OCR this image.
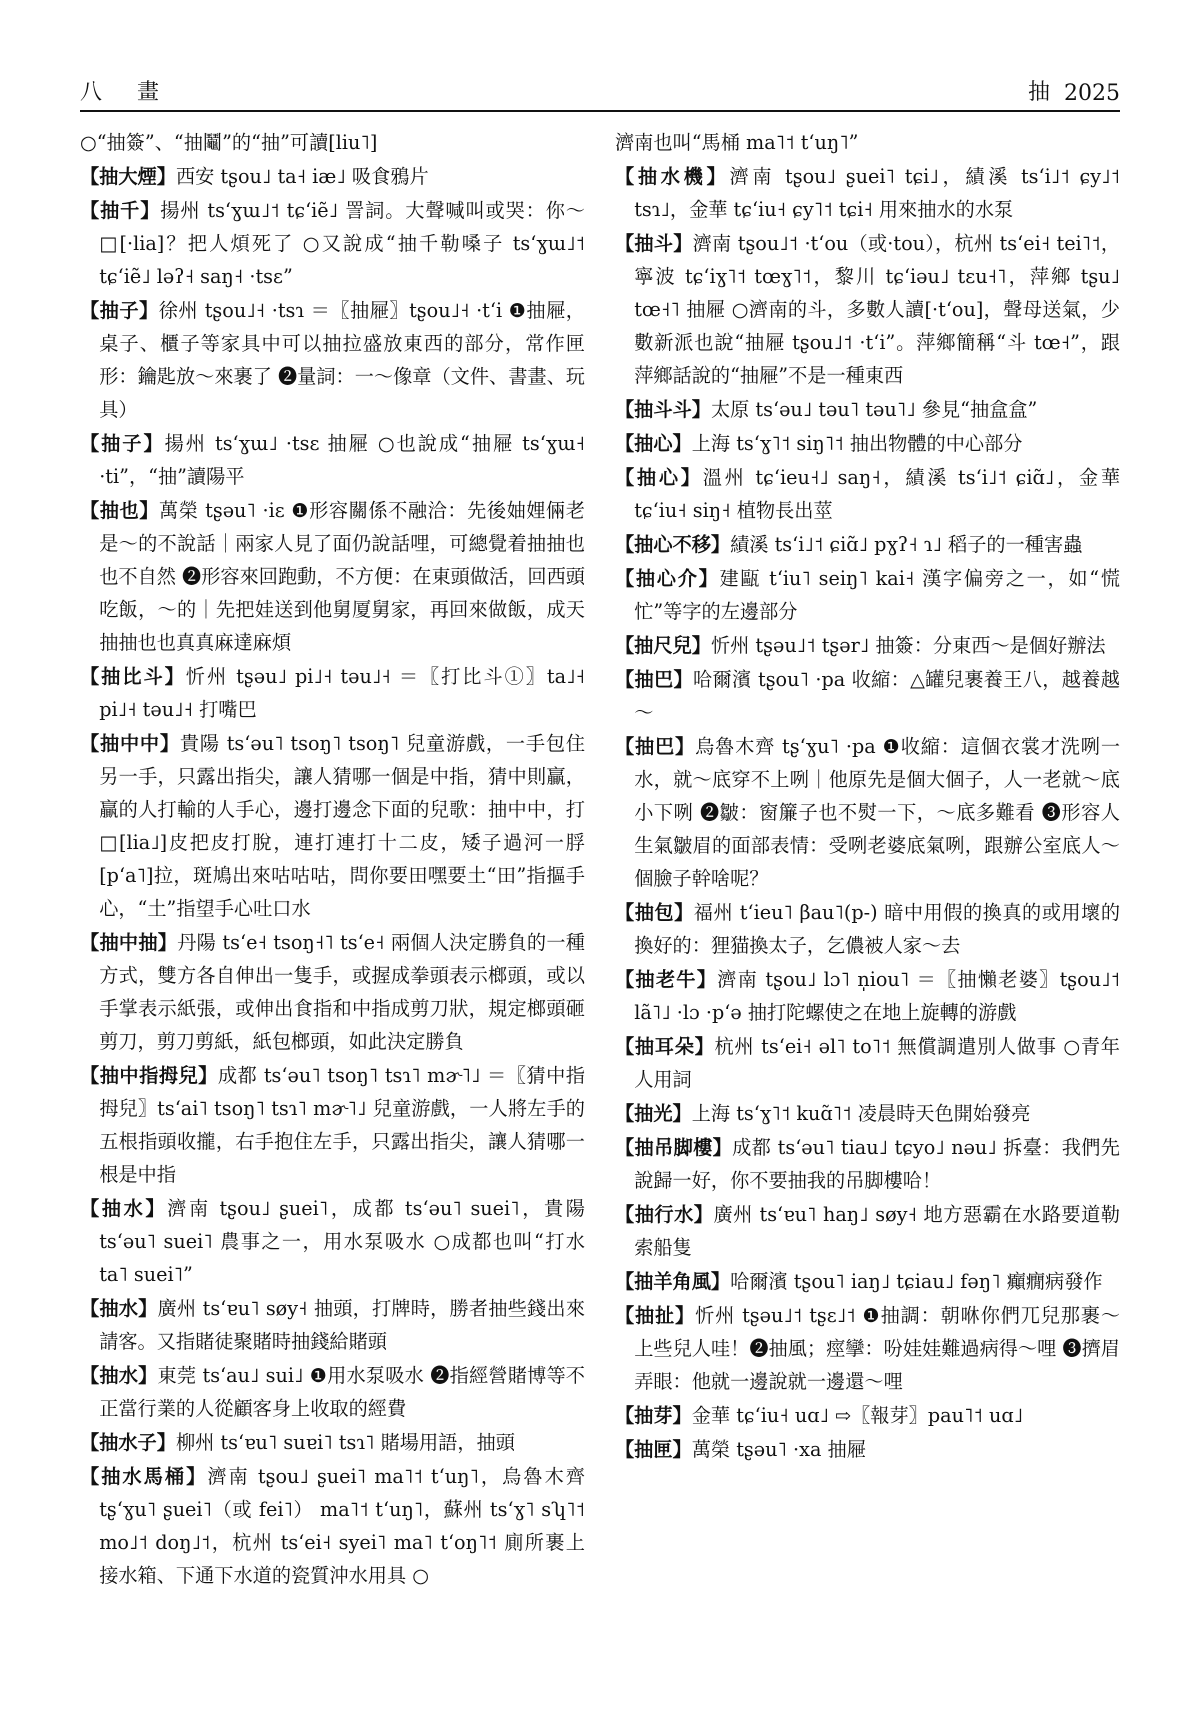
八 畫	抽 2025

○“抽簽”、“抽鬮”的“抽”可讀[liu˥]

【抽大煙】西安 tʂou˩ ta˧ iæ˩ 吸食鴉片

【抽千】揚州 tsʻɣɯ˩˦ tɕʻiẽ˩ 詈詞。大聲喊叫或哭：你～□[·lia]？把人煩死了 ○又說成“抽千勒嗓子 tsʻɣɯ˩˦ tɕʻiẽ˩ ləʔ˧ saŋ˧ ·tsɛ”

【抽子】徐州 tʂou˩˧ ·tsɿ ＝〖抽屜〗tʂou˩˧ ·tʻi ❶抽屜，桌子、櫃子等家具中可以抽拉盛放東西的部分，常作匣形：鑰匙放～來裹了 ❷量詞：一～像章（文件、書畫、玩具）

【抽子】揚州 tsʻɣɯ˩ ·tsɛ 抽屜 ○也說成“抽屜 tsʻɣɯ˧ ·ti”，“抽”讀陽平

【抽也】萬榮 tʂəu˥ ·iɛ ❶形容關係不融洽：先後妯娌倆老是～的不說話｜兩家人見了面仍說話哩，可總覺着抽抽也也不自然 ❷形容來回跑動，不方便：在東頭做活，回西頭吃飯，～的｜先把娃送到他舅厦舅家，再回來做飯，成天抽抽也也真真麻達麻煩

【抽比斗】忻州 tʂəu˩ pi˩˧ təu˩˧ ＝〖打比斗①〗ta˩˧ pi˩˧ təu˩˧ 打嘴巴

【抽中中】貴陽 tsʻəu˥ tsoŋ˥ tsoŋ˥ 兒童游戲，一手包住另一手，只露出指尖，讓人猜哪一個是中指，猜中則贏，贏的人打輸的人手心，邊打邊念下面的兒歌：抽中中，打□[lia˩]皮把皮打脫，連打連打十二皮，矮子過河一脬[pʻa˥]拉，斑鳩出來咕咕咕，問你要田嘿要土“田”指摳手心，“土”指望手心吐口水

【抽中抽】丹陽 tsʻe˧ tsoŋ˧˥ tsʻe˧ 兩個人決定勝負的一種方式，雙方各自伸出一隻手，或握成拳頭表示榔頭，或以手掌表示紙張，或伸出食指和中指成剪刀狀，規定榔頭砸剪刀，剪刀剪紙，紙包榔頭，如此決定勝負

【抽中指拇兒】成都 tsʻəu˥ tsoŋ˥ tsɿ˥ mɚ˥˩ ＝〖猜中指拇兒〗tsʻai˥ tsoŋ˥ tsɿ˥ mɚ˥˩ 兒童游戲，一人將左手的五根指頭收攏，右手抱住左手，只露出指尖，讓人猜哪一根是中指

【抽水】濟南 tʂou˩ ʂuei˥，成都 tsʻəu˥ suei˥，貴陽 tsʻəu˥ suei˥ 農事之一，用水泵吸水 ○成都也叫“打水 ta˥ suei˥”

【抽水】廣州 tsʻɐu˥ søy˧ 抽頭，打牌時，勝者抽些錢出來請客。又指賭徒聚賭時抽錢給賭頭

【抽水】東莞 tsʻau˩ sui˩ ❶用水泵吸水 ❷指經營賭博等不正當行業的人從顧客身上收取的經費

【抽水子】柳州 tsʻɐu˥ suɐi˥ tsɿ˥ 賭場用語，抽頭

【抽水馬桶】濟南 tʂou˩ ʂuei˥ ma˥˦ tʻuŋ˥，烏魯木齊 tʂʻɣu˥ ʂuei˥（或 fei˥） ma˥˦ tʻuŋ˥，蘇州 tsʻɣ˥ sʮ˥˦ mo˩˦ doŋ˩˦，杭州 tsʻei˧ syei˥ ma˥ tʻoŋ˥˦ 廁所裹上接水箱、下通下水道的瓷質沖水用具 ○

濟南也叫“馬桶 ma˥˦ tʻuŋ˥”

【抽水機】濟南 tʂou˩ ʂuei˥ tɕi˩，績溪 tsʻi˩˦ ɕy˩˦ tsɿ˩，金華 tɕʻiu˧ ɕy˥˦ tɕi˧ 用來抽水的水泵

【抽斗】濟南 tʂou˩˦ ·tʻou（或·tou），杭州 tsʻei˧ tei˥˦，寧波 tɕʻiɣ˥˦ tœɣ˥˦，黎川 tɕʻiəu˩ tɛu˧˥，萍鄉 tʂu˩ tœ˧˥ 抽屜 ○濟南的斗，多數人讀[·tʻou]，聲母送氣，少數新派也說“抽屜 tʂou˩˦ ·tʻi”。萍鄉簡稱“斗 tœ˧”，跟萍鄉話說的“抽屜”不是一種東西

【抽斗斗】太原 tsʻəu˩ təu˥ təu˥˩ 參見“抽盒盒”

【抽心】上海 tsʻɣ˥˦ siŋ˥˦ 抽出物體的中心部分

【抽心】溫州 tɕʻieu˧˩ saŋ˧，績溪 tsʻi˩˦ ɕiɑ̃˩，金華 tɕʻiu˧ siŋ˧ 植物長出莖

【抽心不移】績溪 tsʻi˩˦ ɕiɑ̃˩ pɣʔ˧ ɿ˩ 稻子的一種害蟲

【抽心介】建甌 tʻiu˥ seiŋ˥ kai˧ 漢字偏旁之一，如“慌忙”等字的左邊部分

【抽尺兒】忻州 tʂəu˩˦ tʂər˩ 抽簽：分東西～是個好辦法

【抽巴】哈爾濱 tʂou˥ ·pa 收縮：△罐兒裹養王八，越養越～

【抽巴】烏魯木齊 tʂʻɣu˥ ·pa ❶收縮：這個衣裳才洗咧一水，就～底穿不上咧｜他原先是個大個子，人一老就～底小下咧 ❷皺：窗簾子也不熨一下，～底多難看 ❸形容人生氣皺眉的面部表情：受咧老婆底氣咧，跟辦公室底人～個臉子幹啥呢？

【抽包】福州 tʻieu˥ βau˥(p-) 暗中用假的換真的或用壞的換好的：狸猫換太子，乞儂被人家～去

【抽老牛】濟南 tʂou˩ lɔ˥ n̩iou˥ ＝〖抽懶老婆〗tʂou˩˦ lã˥˩ ·lɔ ·pʻə 抽打陀螺使之在地上旋轉的游戲

【抽耳朵】杭州 tsʻei˧ əl˥ to˥˦ 無償調遣別人做事 ○青年人用詞

【抽光】上海 tsʻɣ˥˦ kuɑ̃˥˦ 凌晨時天色開始發亮

【抽吊脚樓】成都 tsʻəu˥ tiau˩ tɕyo˩ nəu˩ 拆臺：我們先說歸一好，你不要抽我的吊脚樓哈！

【抽行水】廣州 tsʻɐu˥ haŋ˩ søy˧ 地方惡霸在水路要道勒索船隻

【抽羊角風】哈爾濱 tʂou˥ iaŋ˩ tɕiau˩ fəŋ˥ 癲癇病發作

【抽扯】忻州 tʂəu˩˦ tʂɛ˩˦ ❶抽調：朝咻你們兀兒那裹～上些兒人哇！❷抽風；痙攣：吩娃娃難過病得～哩 ❸擠眉弄眼：他就一邊說就一邊還～哩

【抽芽】金華 tɕʻiu˧ uɑ˩ ⇨〖報芽〗pau˥˦ uɑ˩

【抽匣】萬榮 tʂəu˥ ·xa 抽屜
